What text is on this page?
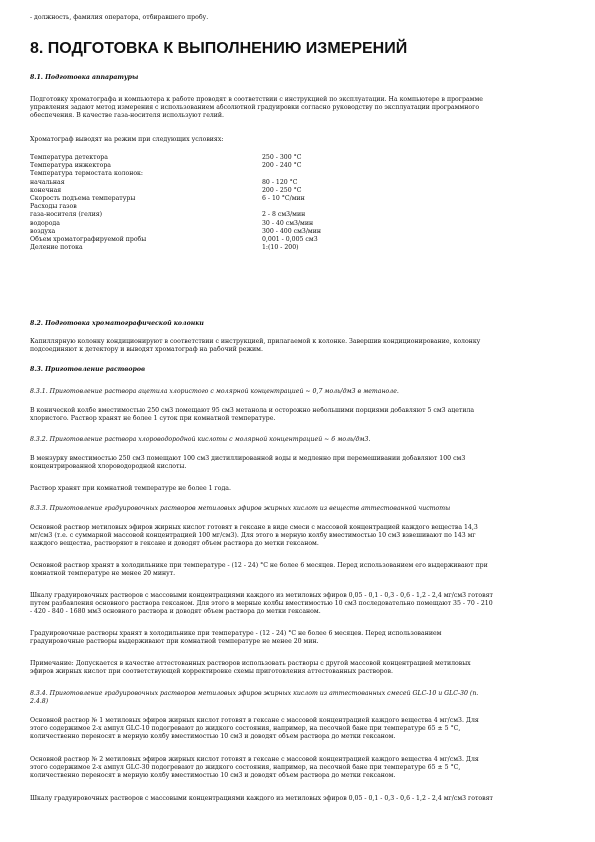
- должность, фамилия оператора, отбиравшего пробу.
8. ПОДГОТОВКА К ВЫПОЛНЕНИЮ ИЗМЕРЕНИЙ
8.1. Подготовка аппаратуры
Подготовку хроматографа и компьютера к работе проводят в соответствии с инструкцией по эксплуатации. На компьютере в программе
управления задают метод измерения с использованием абсолютной градуировки согласно руководству по эксплуатации программного
обеспечения. В качестве газа-носителя используют гелий.
Хроматограф выводят на режим при следующих условиях:
Температура детектора	250 - 300 °С
Температура инжектора	200 - 240 °С
Температура термостата колонок:	
начальная	80 - 120 °С
конечная	200 - 250 °С
Скорость подъема температуры	6 - 10 °С/мин
Расходы газов	
газа-носителя (гелия)	2 - 8 см3/мин
водорода	30 - 40 см3/мин
воздуха	300 - 400 см3/мин
Объем хроматографируемой пробы	0,001 - 0,005 см3
Деление потока	1:(10 - 200)
8.2. Подготовка хроматографической колонки
Капиллярную колонку кондиционируют в соответствии с инструкцией, прилагаемой к колонке. Завершив кондиционирование, колонку
подсоединяют к детектору и выводят хроматограф на рабочий режим.
8.3. Приготовление растворов
8.3.1. Приготовление раствора ацетила хлористого с молярной концентрацией ~ 0,7 моль/дм3 в метаноле.
В конической колбе вместимостью 250 см3 помещают 95 см3 метанола и осторожно небольшими порциями добавляют 5 см3 ацетила
хлористого. Раствор хранят не более 1 суток при комнатной температуре.
8.3.2. Приготовление раствора хлороводородной кислоты с молярной концентрацией ~ 6 моль/дм3.
В мензурку вместимостью 250 см3 помещают 100 см3 дистиллированной воды и медленно при перемешивании добавляют 100 см3
концентрированной хлороводородной кислоты.
Раствор хранят при комнатной температуре не более 1 года.
8.3.3. Приготовление градуировочных растворов метиловых эфиров жирных кислот из веществ аттестованной чистоты
Основной раствор метиловых эфиров жирных кислот готовят в гексане в виде смеси с массовой концентрацией каждого вещества 14,3
мг/см3 (т.е. с суммарной массовой концентрацией 100 мг/см3). Для этого в мерную колбу вместимостью 10 см3 взвешивают по 143 мг
каждого вещества, растворяют в гексане и доводят объем раствора до метки гексаном.
Основной раствор хранят в холодильнике при температуре - (12 - 24) °С не более 6 месяцев. Перед использованием его выдерживают при
комнатной температуре не менее 20 минут.
Шкалу градуировочных растворов с массовыми концентрациями каждого из метиловых эфиров 0,05 - 0,1 - 0,3 - 0,6 - 1,2 - 2,4 мг/см3 готовят
путем разбавления основного раствора гексаном. Для этого в мерные колбы вместимостью 10 см3 последовательно помещают 35 - 70 - 210
- 420 - 840 - 1680 мм3 основного раствора и доводят объем раствора до метки гексаном.
Градуировочные растворы хранят в холодильнике при температуре - (12 - 24) °С не более 6 месяцев. Перед использованием
градуировочные растворы выдерживают при комнатной температуре не менее 20 мин.
Примечание: Допускается в качестве аттестованных растворов использовать растворы с другой массовой концентрацией метиловых
эфиров жирных кислот при соответствующей корректировке схемы приготовления аттестованных растворов.
8.3.4. Приготовление градуировочных растворов метиловых эфиров жирных кислот из аттестованных смесей GLC-10 и GLC-30 (п.
2.4.8)
Основной раствор № 1 метиловых эфиров жирных кислот готовят в гексане с массовой концентрацией каждого вещества 4 мг/см3. Для
этого содержимое 2-х ампул GLC-10 подогревают до жидкого состояния, например, на песочной бане при температуре 65 ± 5 °С,
количественно переносят в мерную колбу вместимостью 10 см3 и доводят объем раствора до метки гексаном.
Основной раствор № 2 метиловых эфиров жирных кислот готовят в гексане с массовой концентрацией каждого вещества 4 мг/см3. Для
этого содержимое 2-х ампул GLC-30 подогревают до жидкого состояния, например, на песочной бане при температуре 65 ± 5 °С,
количественно переносят в мерную колбу вместимостью 10 см3 и доводят объем раствора до метки гексаном.
Шкалу градуировочных растворов с массовыми концентрациями каждого из метиловых эфиров 0,05 - 0,1 - 0,3 - 0,6 - 1,2 - 2,4 мг/см3 готовят
